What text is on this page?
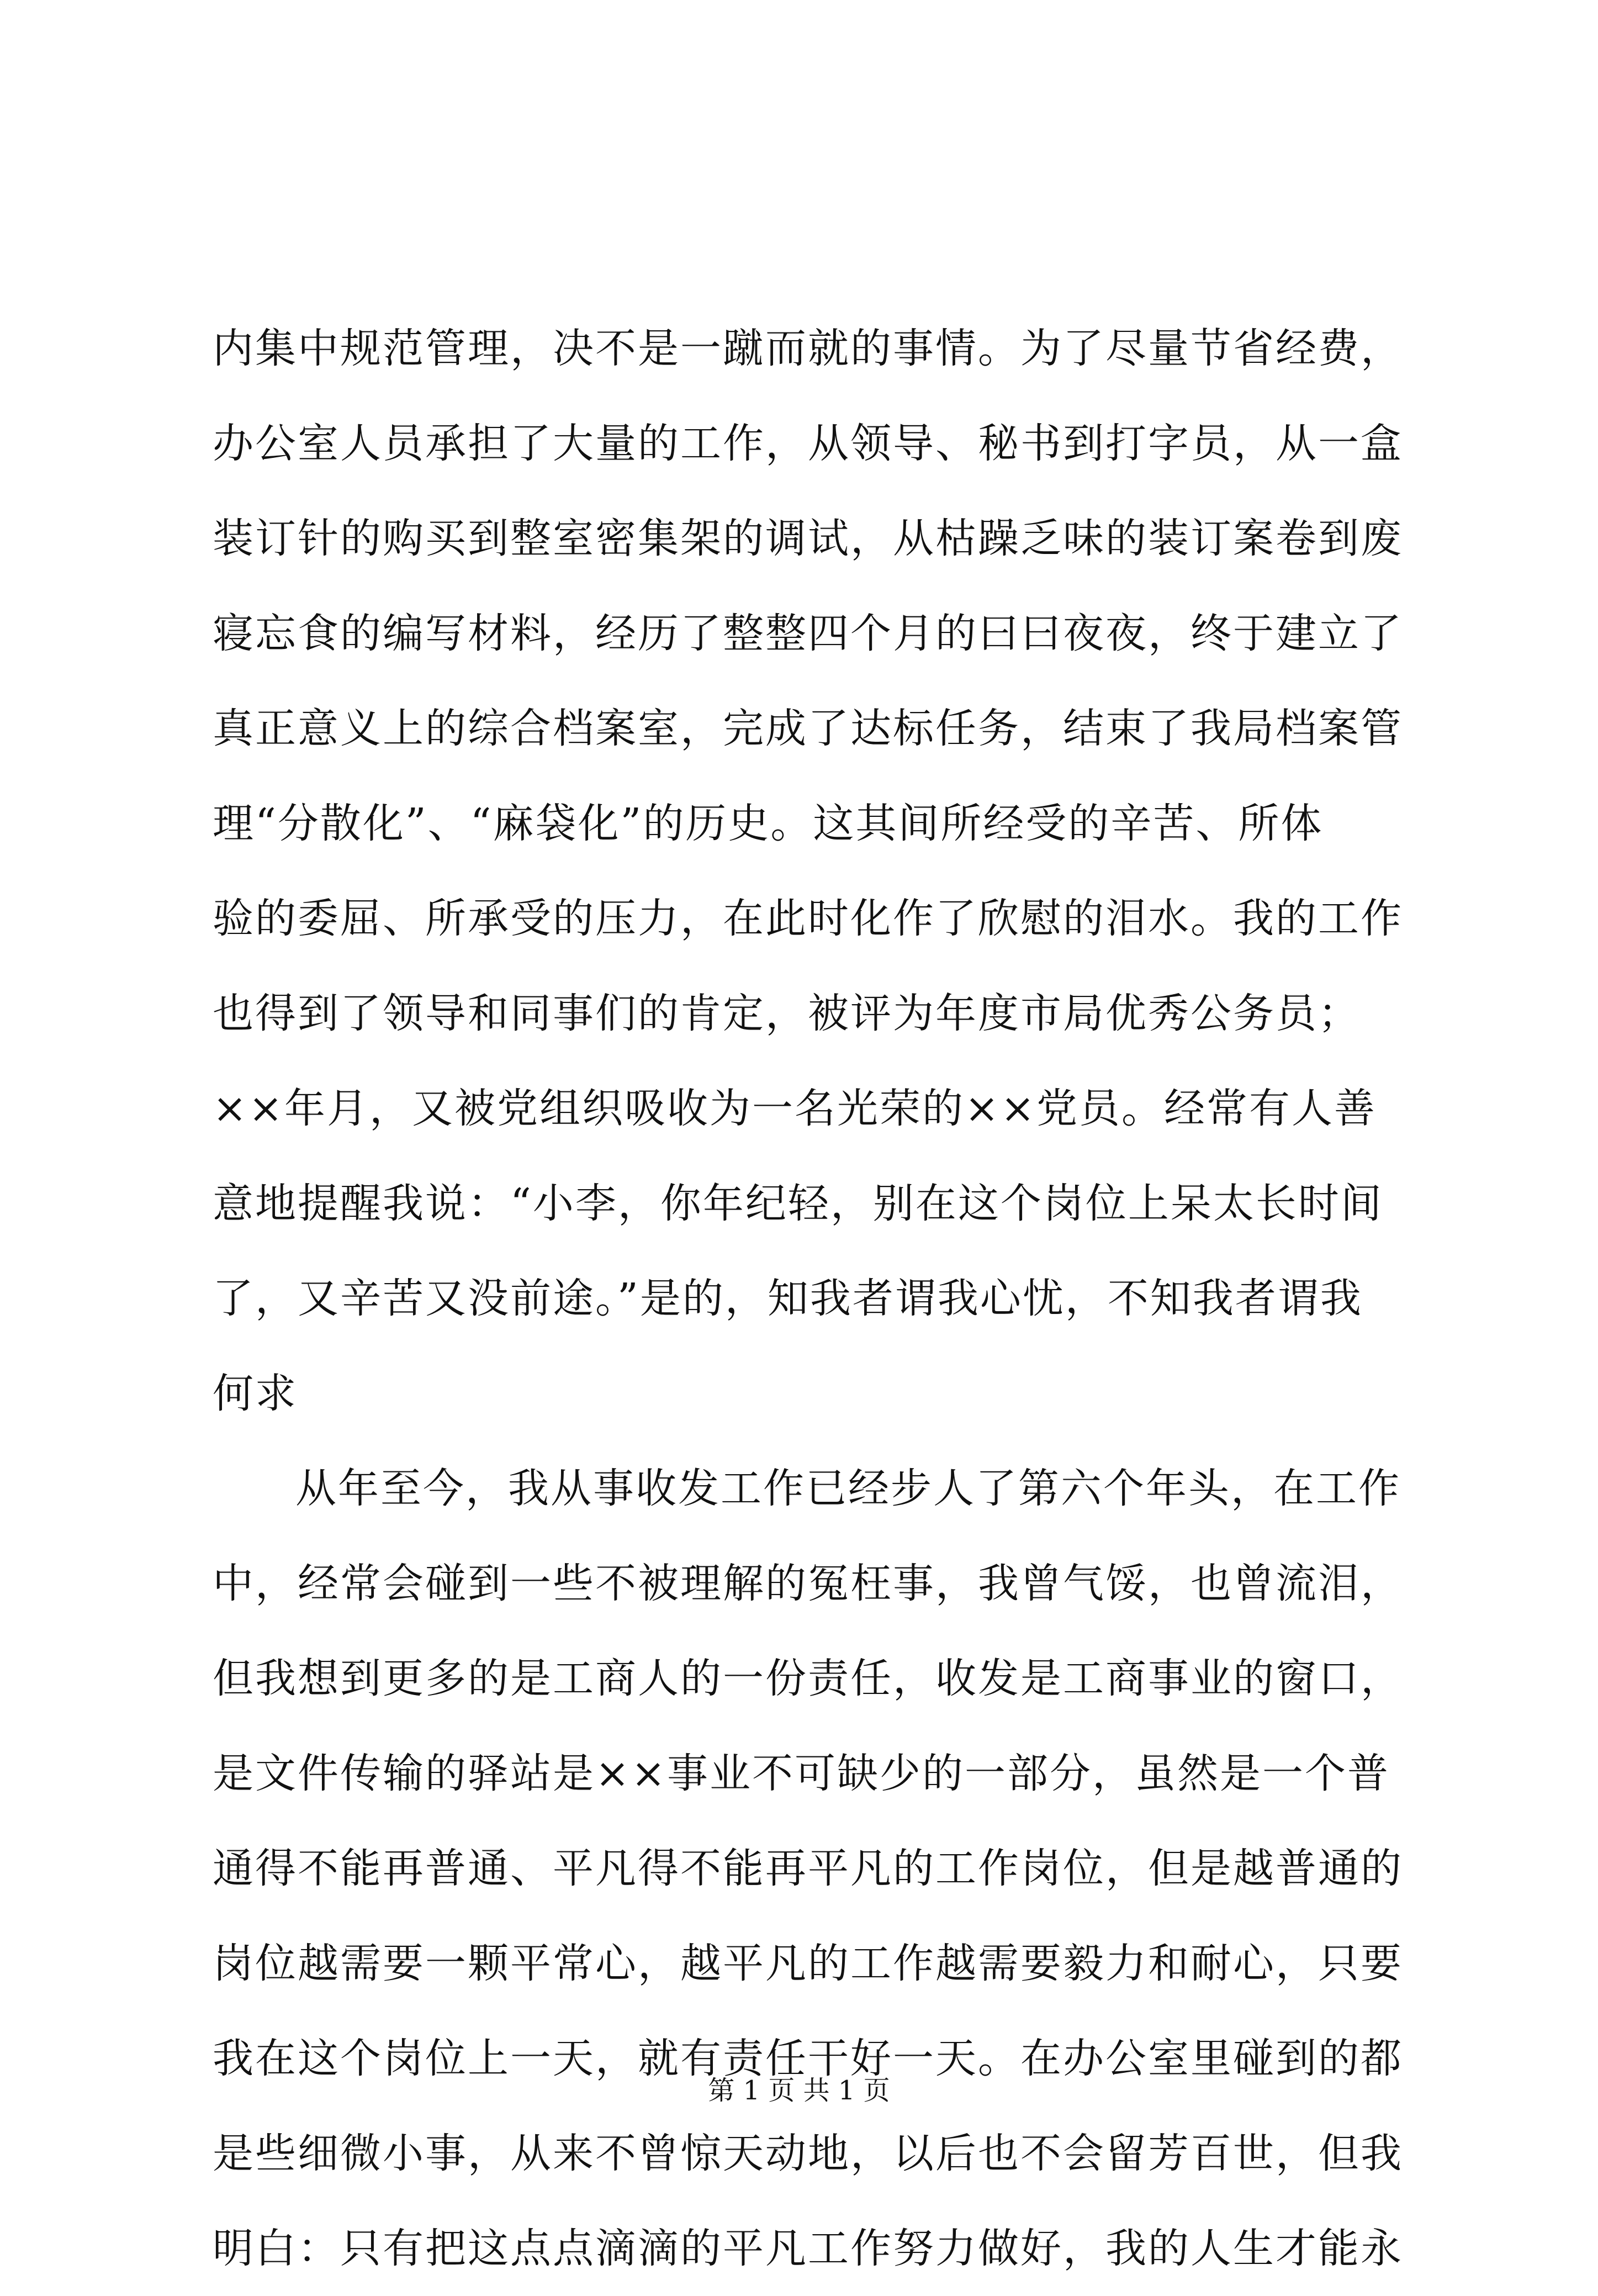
内集中规范管理，决不是一蹴而就的事情。为了尽量节省经费，
办公室人员承担了大量的工作，从领导、秘书到打字员，从一盒
装订针的购买到整室密集架的调试，从枯躁乏味的装订案卷到废
寝忘食的编写材料，经历了整整四个月的曰曰夜夜，终于建立了
真正意义上的综合档案室，完成了达标任务，结束了我局档案管
理“分散化”、“麻袋化”的历史。这其间所经受的辛苦、所体
验的委屈、所承受的压力，在此时化作了欣慰的泪水。我的工作
也得到了领导和同事们的肯定，被评为年度市局优秀公务员；
××年月，又被党组织吸收为一名光荣的××党员。经常有人善
意地提醒我说：“小李，你年纪轻，别在这个岗位上呆太长时间
了，又辛苦又没前途。”是的，知我者谓我心忧，不知我者谓我
何求
从年至今，我从事收发工作已经步人了第六个年头，在工作
中，经常会碰到一些不被理解的冤枉事，我曾气馁，也曾流泪，
但我想到更多的是工商人的一份责任，收发是工商事业的窗口，
是文件传输的驿站是××事业不可缺少的一部分，虽然是一个普
通得不能再普通、平凡得不能再平凡的工作岗位，但是越普通的
岗位越需要一颗平常心，越平凡的工作越需要毅力和耐心，只要
我在这个岗位上一天，就有责任干好一天。在办公室里碰到的都
是些细微小事，从来不曾惊天动地，以后也不会留芳百世，但我
明白：只有把这点点滴滴的平凡工作努力做好，我的人生才能永
第 1 页 共 1 页
